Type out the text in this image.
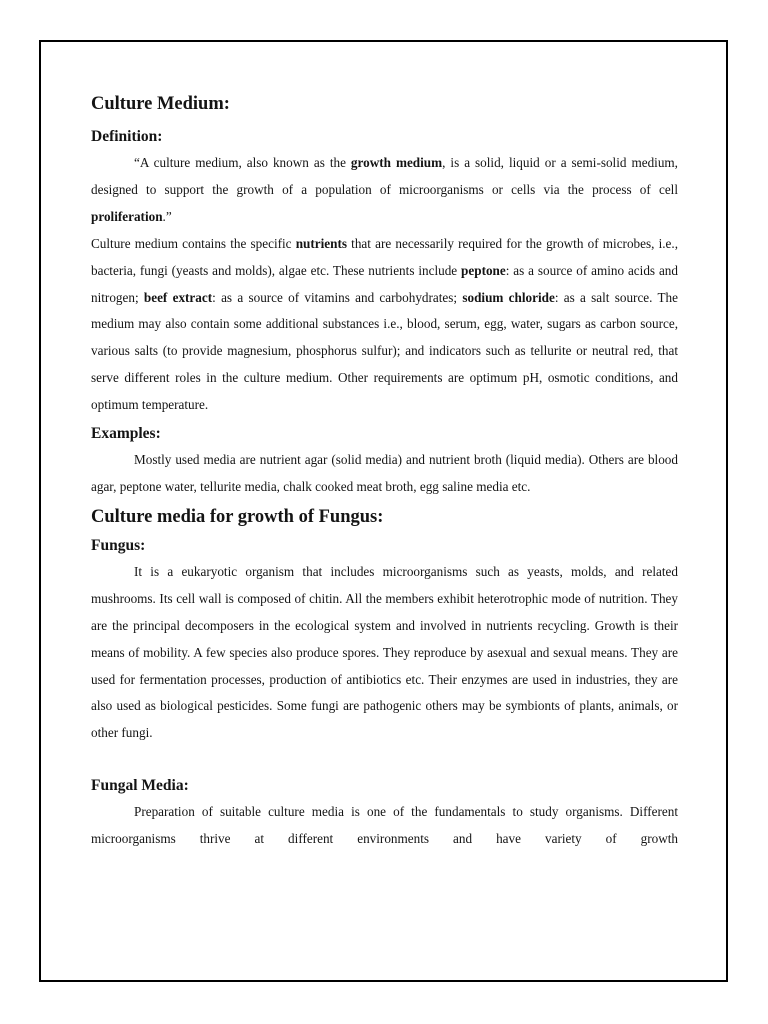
Culture Medium:
Definition:

“A culture medium, also known as the growth medium, is a solid, liquid or a semi-solid medium, designed to support the growth of a population of microorganisms or cells via the process of cell proliferation.”

Culture medium contains the specific nutrients that are necessarily required for the growth of microbes, i.e., bacteria, fungi (yeasts and molds), algae etc. These nutrients include peptone: as a source of amino acids and nitrogen; beef extract: as a source of vitamins and carbohydrates; sodium chloride: as a salt source. The medium may also contain some additional substances i.e., blood, serum, egg, water, sugars as carbon source, various salts (to provide magnesium, phosphorus sulfur); and indicators such as tellurite or neutral red, that serve different roles in the culture medium. Other requirements are optimum pH, osmotic conditions, and optimum temperature.

Examples:

Mostly used media are nutrient agar (solid media) and nutrient broth (liquid media). Others are blood agar, peptone water, tellurite media, chalk cooked meat broth, egg saline media etc.

Culture media for growth of Fungus:
Fungus:

It is a eukaryotic organism that includes microorganisms such as yeasts, molds, and related mushrooms. Its cell wall is composed of chitin. All the members exhibit heterotrophic mode of nutrition. They are the principal decomposers in the ecological system and involved in nutrients recycling. Growth is their means of mobility. A few species also produce spores. They reproduce by asexual and sexual means. They are used for fermentation processes, production of antibiotics etc. Their enzymes are used in industries, they are also used as biological pesticides. Some fungi are pathogenic others may be symbionts of plants, animals, or other fungi.

Fungal Media:

Preparation of suitable culture media is one of the fundamentals to study organisms. Different microorganisms thrive at different environments and have variety of growth
